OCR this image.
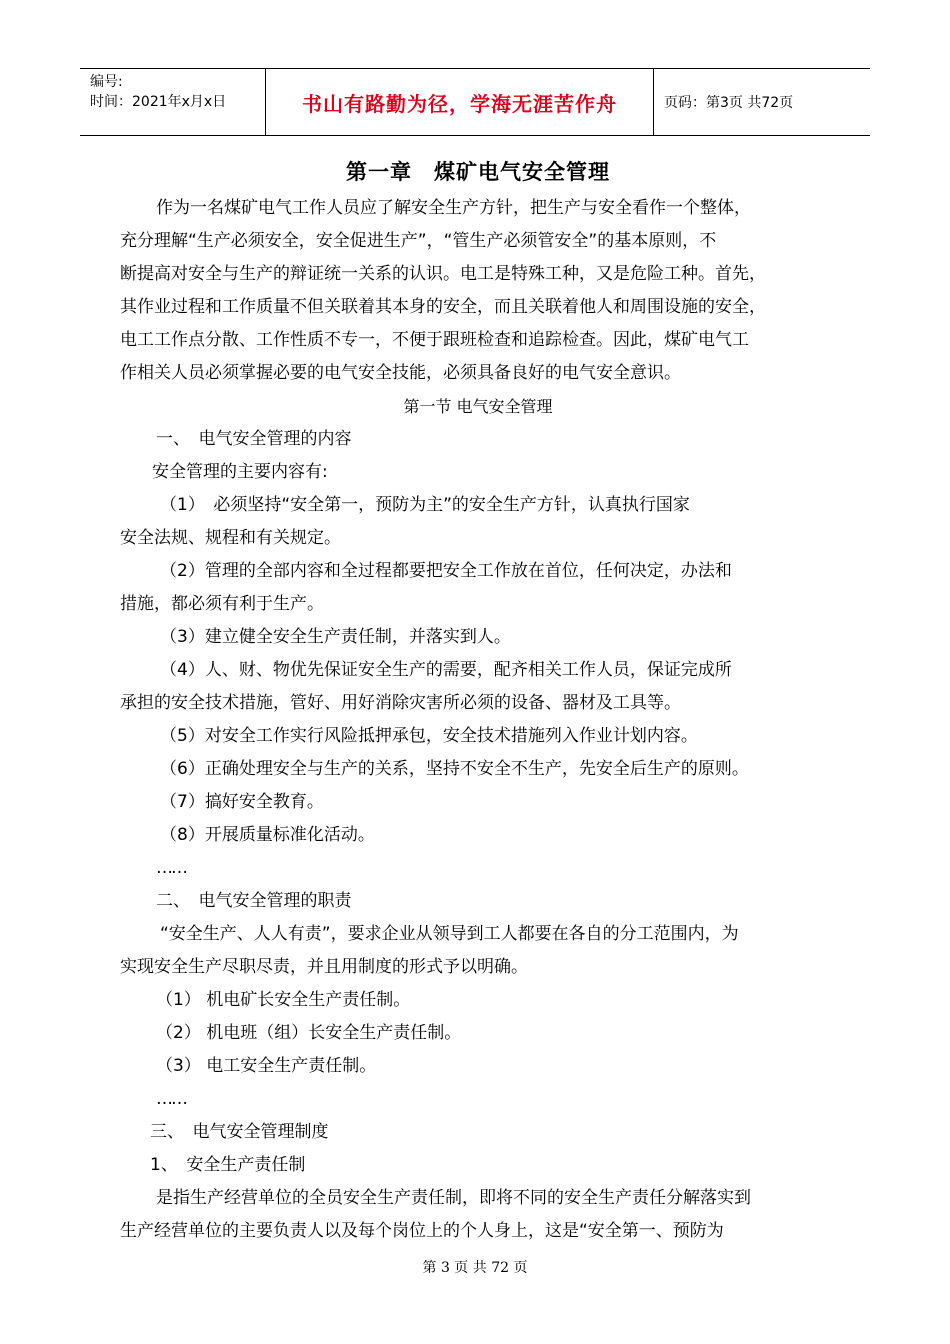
编号:
时间：2021年x月x日	书山有路勤为径，学海无涯苦作舟	页码：第3页 共72页
第一章　煤矿电气安全管理
作为一名煤矿电气工作人员应了解安全生产方针，把生产与安全看作一个整体，
充分理解“生产必须安全，安全促进生产”，“管生产必须管安全”的基本原则，不
断提高对安全与生产的辩证统一关系的认识。电工是特殊工种，又是危险工种。首先，
其作业过程和工作质量不但关联着其本身的安全，而且关联着他人和周围设施的安全，
电工工作点分散、工作性质不专一，不便于跟班检查和追踪检查。因此，煤矿电气工
作相关人员必须掌握必要的电气安全技能，必须具备良好的电气安全意识。
第一节 电气安全管理
一、　电气安全管理的内容
安全管理的主要内容有:
（1）　必须坚持“安全第一，预防为主”的安全生产方针，认真执行国家
安全法规、规程和有关规定。
（2）管理的全部内容和全过程都要把安全工作放在首位，任何决定，办法和
措施，都必须有利于生产。
（3）建立健全安全生产责任制，并落实到人。
（4）人、财、物优先保证安全生产的需要，配齐相关工作人员，保证完成所
承担的安全技术措施，管好、用好消除灾害所必须的设备、器材及工具等。
（5）对安全工作实行风险抵押承包，安全技术措施列入作业计划内容。
（6）正确处理安全与生产的关系，坚持不安全不生产，先安全后生产的原则。
（7）搞好安全教育。
（8）开展质量标准化活动。
……
二、　电气安全管理的职责
“安全生产、人人有责”，要求企业从领导到工人都要在各自的分工范围内，为
实现安全生产尽职尽责，并且用制度的形式予以明确。
（1） 机电矿长安全生产责任制。
（2） 机电班（组）长安全生产责任制。
（3） 电工安全生产责任制。
……
三、　电气安全管理制度
1、　安全生产责任制
是指生产经营单位的全员安全生产责任制，即将不同的安全生产责任分解落实到
生产经营单位的主要负责人以及每个岗位上的个人身上，这是“安全第一、预防为
第 3 页 共 72 页
